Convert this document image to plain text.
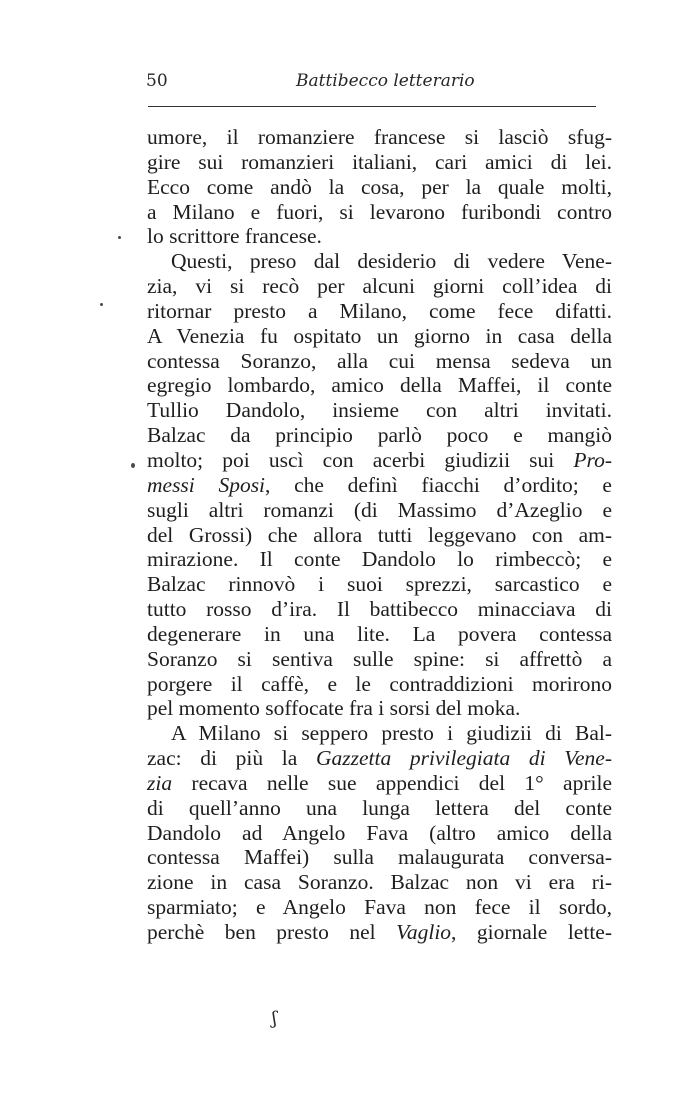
50	Battibecco letterario
umore, il romanziere francese si lasciò sfug-
gire sui romanzieri italiani, cari amici di lei.
Ecco come andò la cosa, per la quale molti,
a Milano e fuori, si levarono furibondi contro
lo scrittore francese.
Questi, preso dal desiderio di vedere Vene-
zia, vi si recò per alcuni giorni coll’idea di
ritornar presto a Milano, come fece difatti.
A Venezia fu ospitato un giorno in casa della
contessa Soranzo, alla cui mensa sedeva un
egregio lombardo, amico della Maffei, il conte
Tullio Dandolo, insieme con altri invitati.
Balzac da principio parlò poco e mangiò
molto; poi uscì con acerbi giudizii sui Pro-
messi Sposi, che definì fiacchi d’ordito; e
sugli altri romanzi (di Massimo d’Azeglio e
del Grossi) che allora tutti leggevano con am-
mirazione. Il conte Dandolo lo rimbeccò; e
Balzac rinnovò i suoi sprezzi, sarcastico e
tutto rosso d’ira. Il battibecco minacciava di
degenerare in una lite. La povera contessa
Soranzo si sentiva sulle spine: si affrettò a
porgere il caffè, e le contraddizioni morirono
pel momento soffocate fra i sorsi del moka.
A Milano si seppero presto i giudizii di Bal-
zac: di più la Gazzetta privilegiata di Vene-
zia recava nelle sue appendici del 1° aprile
di quell’anno una lunga lettera del conte
Dandolo ad Angelo Fava (altro amico della
contessa Maffei) sulla malaugurata conversa-
zione in casa Soranzo. Balzac non vi era ri-
sparmiato; e Angelo Fava non fece il sordo,
perchè ben presto nel Vaglio, giornale lette-
ʃ
